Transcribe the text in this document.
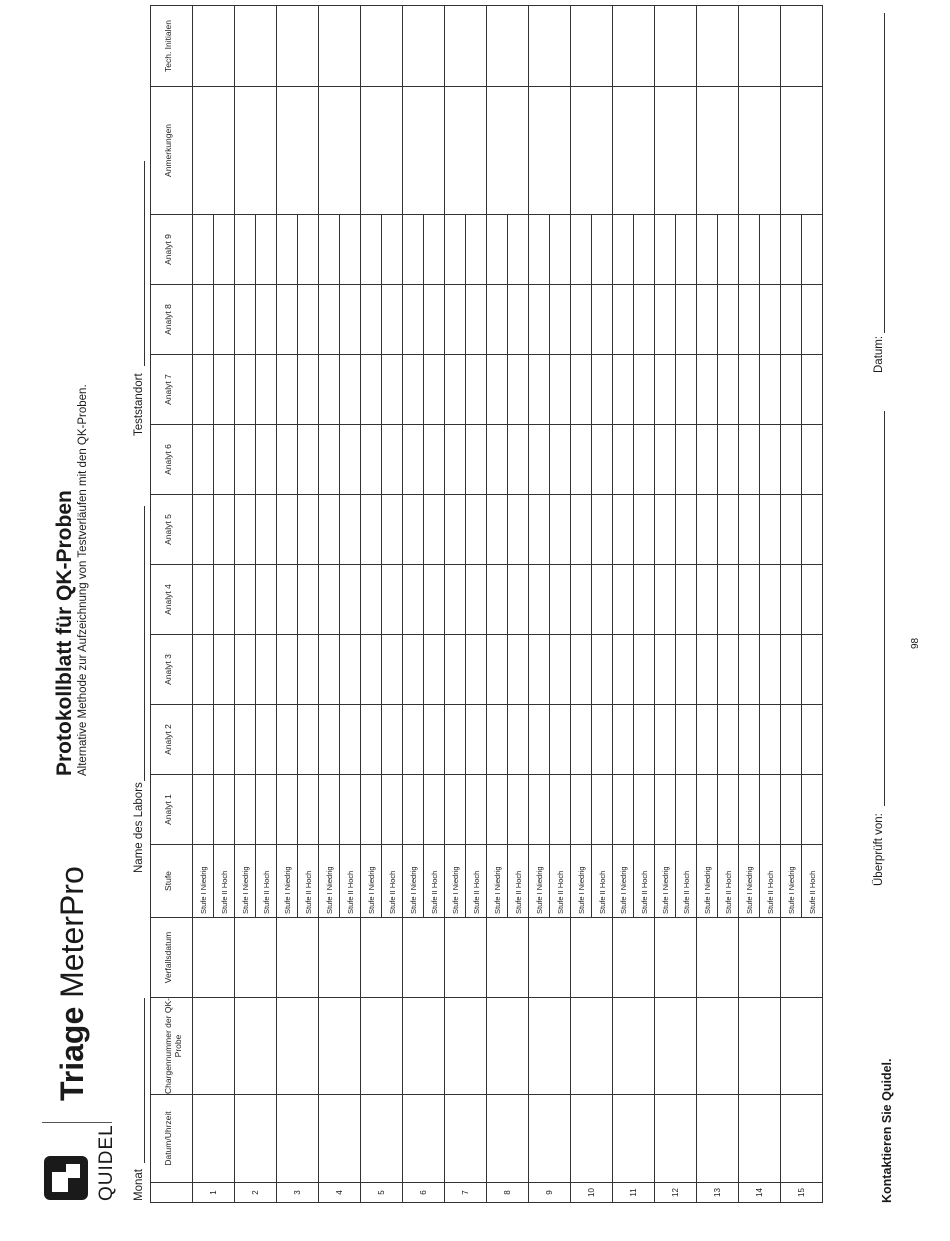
QUIDEL
Triage MeterPro
Protokollblatt für QK-Proben Alternative Methode zur Aufzeichnung von Testverläufen mit den QK-Proben.
Monat
Name des Labors
Teststandort
	Datum/Uhrzeit	Chargennummer der QK-Probe	Verfallsdatum	Stufe	Analyt 1	Analyt 2	Analyt 3	Analyt 4	Analyt 5	Analyt 6	Analyt 7	Analyt 8	Analyt 9	Anmerkungen	Tech. Initialen
1				Stufe I Niedrig											
				Stufe II Hoch											
2				Stufe I Niedrig											
				Stufe II Hoch											
3				Stufe I Niedrig											
				Stufe II Hoch											
4				Stufe I Niedrig											
				Stufe II Hoch											
5				Stufe I Niedrig											
				Stufe II Hoch											
6				Stufe I Niedrig											
				Stufe II Hoch											
7				Stufe I Niedrig											
				Stufe II Hoch											
8				Stufe I Niedrig											
				Stufe II Hoch											
9				Stufe I Niedrig											
				Stufe II Hoch											
10				Stufe I Niedrig											
				Stufe II Hoch											
11				Stufe I Niedrig											
				Stufe II Hoch											
12				Stufe I Niedrig											
				Stufe II Hoch											
13				Stufe I Niedrig											
				Stufe II Hoch											
14				Stufe I Niedrig											
				Stufe II Hoch											
15				Stufe I Niedrig											
				Stufe II Hoch											
Kontaktieren Sie Quidel.
Überprüft von:
Datum:
98
